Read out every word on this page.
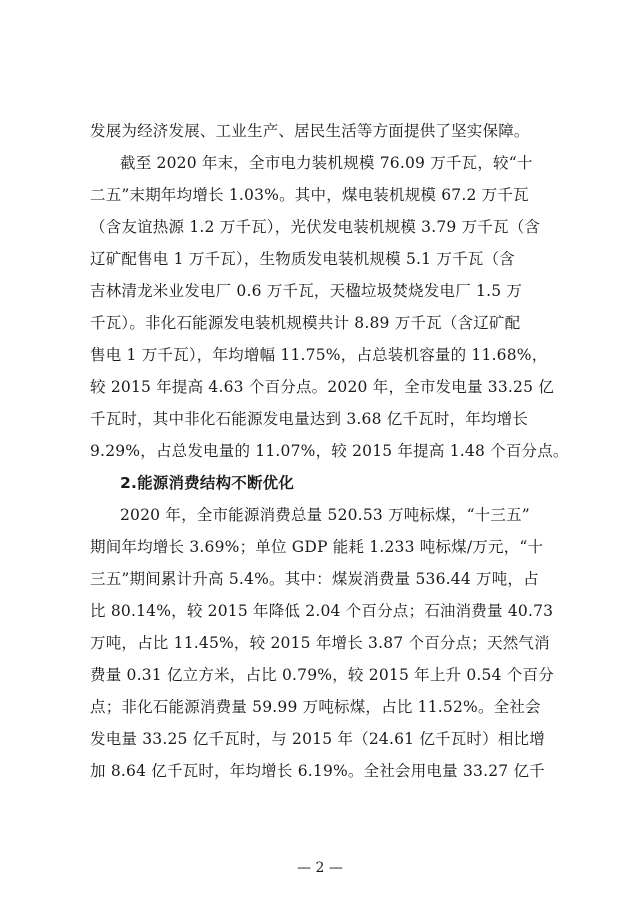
发展为经济发展、工业生产、居民生活等方面提供了坚实保障。
截至 2020 年末，全市电力装机规模 76.09 万千瓦，较“十
二五”末期年均增长 1.03%。其中，煤电装机规模 67.2 万千瓦
（含友谊热源 1.2 万千瓦），光伏发电装机规模 3.79 万千瓦（含
辽矿配售电 1 万千瓦），生物质发电装机规模 5.1 万千瓦（含
吉林清龙米业发电厂 0.6 万千瓦，天楹垃圾焚烧发电厂 1.5 万
千瓦）。非化石能源发电装机规模共计 8.89 万千瓦（含辽矿配
售电 1 万千瓦），年均增幅 11.75%，占总装机容量的 11.68%，
较 2015 年提高 4.63 个百分点。2020 年，全市发电量 33.25 亿
千瓦时，其中非化石能源发电量达到 3.68 亿千瓦时，年均增长
9.29%，占总发电量的 11.07%，较 2015 年提高 1.48 个百分点。
2.能源消费结构不断优化
2020 年，全市能源消费总量 520.53 万吨标煤，“十三五”
期间年均增长 3.69%；单位 GDP 能耗 1.233 吨标煤/万元，“十
三五”期间累计升高 5.4%。其中：煤炭消费量 536.44 万吨，占
比 80.14%，较 2015 年降低 2.04 个百分点；石油消费量 40.73
万吨，占比 11.45%，较 2015 年增长 3.87 个百分点；天然气消
费量 0.31 亿立方米，占比 0.79%，较 2015 年上升 0.54 个百分
点；非化石能源消费量 59.99 万吨标煤，占比 11.52%。全社会
发电量 33.25 亿千瓦时，与 2015 年（24.61 亿千瓦时）相比增
加 8.64 亿千瓦时，年均增长 6.19%。全社会用电量 33.27 亿千
— 2 —
